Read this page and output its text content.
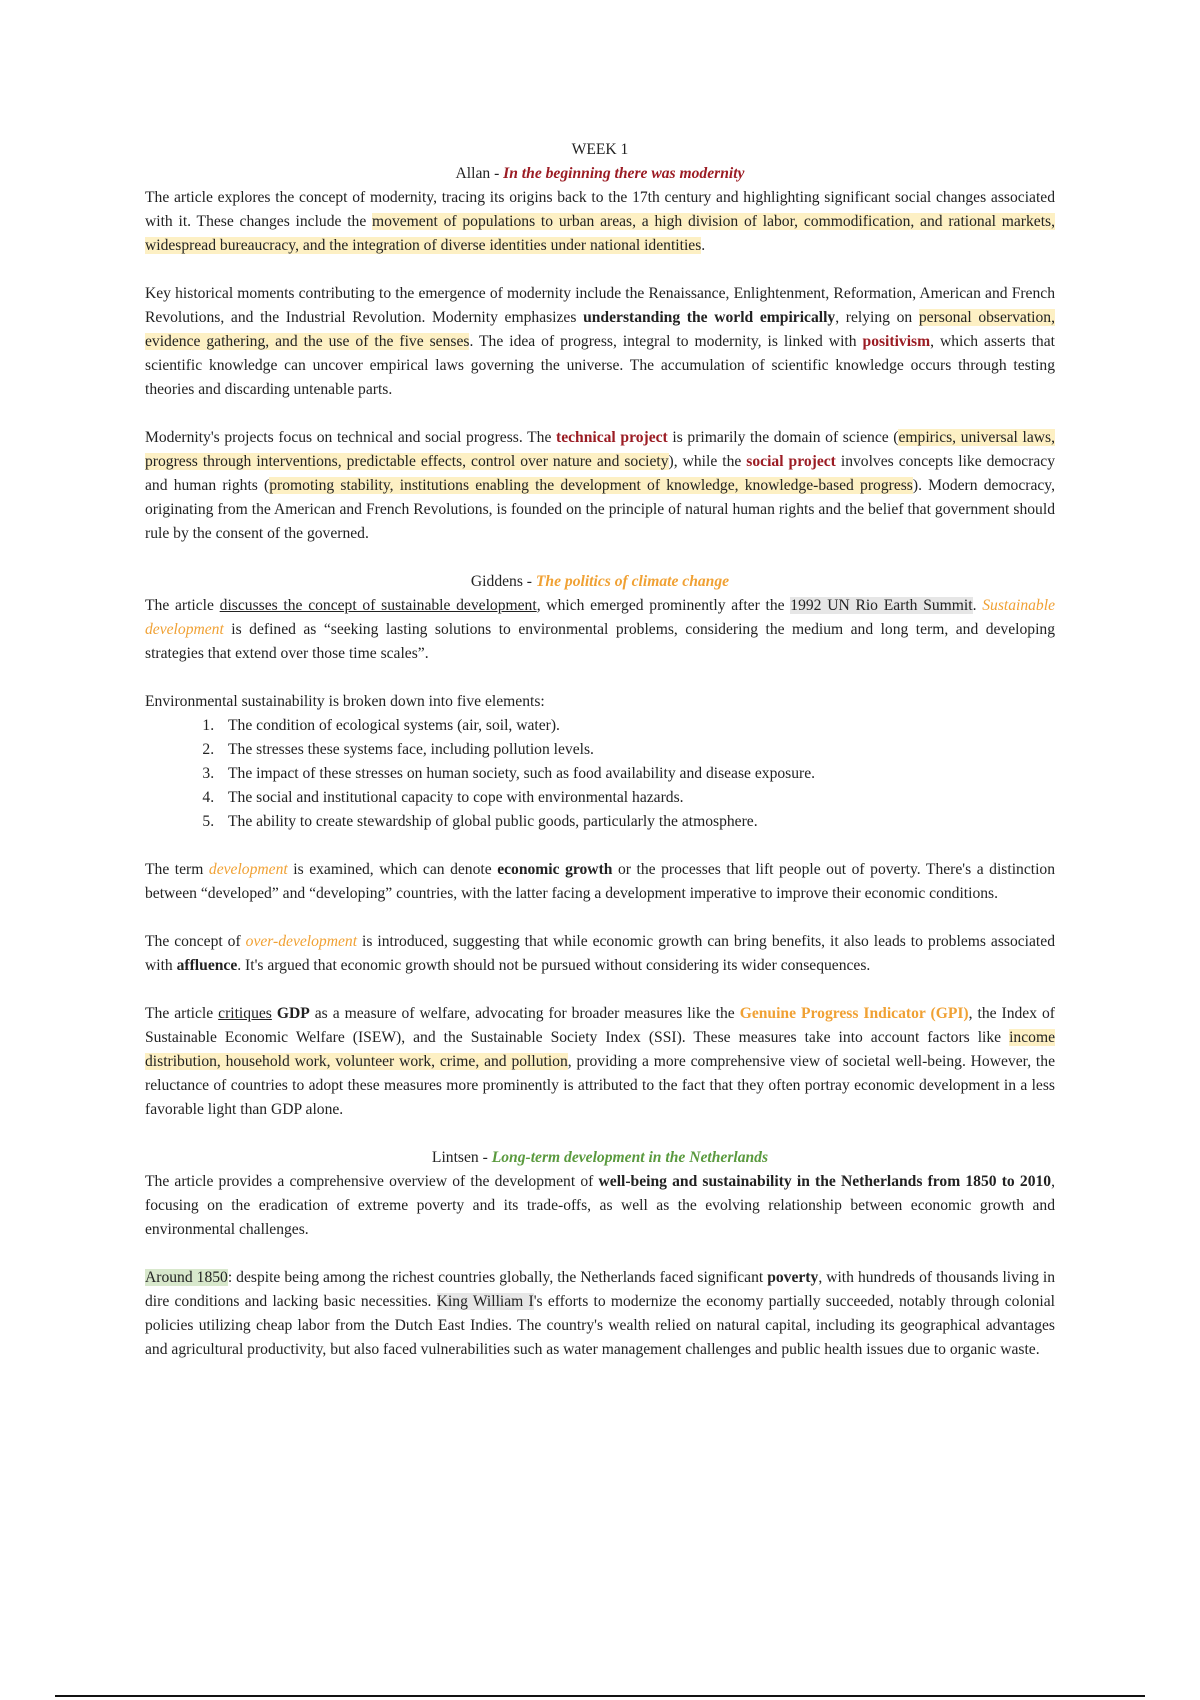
WEEK 1
Allan - In the beginning there was modernity

The article explores the concept of modernity, tracing its origins back to the 17th century and highlighting significant social changes associated with it. These changes include the movement of populations to urban areas, a high division of labor, commodification, and rational markets, widespread bureaucracy, and the integration of diverse identities under national identities.

Key historical moments contributing to the emergence of modernity include the Renaissance, Enlightenment, Reformation, American and French Revolutions, and the Industrial Revolution. Modernity emphasizes understanding the world empirically, relying on personal observation, evidence gathering, and the use of the five senses. The idea of progress, integral to modernity, is linked with positivism, which asserts that scientific knowledge can uncover empirical laws governing the universe. The accumulation of scientific knowledge occurs through testing theories and discarding untenable parts.

Modernity's projects focus on technical and social progress. The technical project is primarily the domain of science (empirics, universal laws, progress through interventions, predictable effects, control over nature and society), while the social project involves concepts like democracy and human rights (promoting stability, institutions enabling the development of knowledge, knowledge-based progress). Modern democracy, originating from the American and French Revolutions, is founded on the principle of natural human rights and the belief that government should rule by the consent of the governed.

Giddens - The politics of climate change

The article discusses the concept of sustainable development, which emerged prominently after the 1992 UN Rio Earth Summit. Sustainable development is defined as “seeking lasting solutions to environmental problems, considering the medium and long term, and developing strategies that extend over those time scales”.

Environmental sustainability is broken down into five elements:

1. The condition of ecological systems (air, soil, water).
2. The stresses these systems face, including pollution levels.
3. The impact of these stresses on human society, such as food availability and disease exposure.
4. The social and institutional capacity to cope with environmental hazards.
5. The ability to create stewardship of global public goods, particularly the atmosphere.

The term development is examined, which can denote economic growth or the processes that lift people out of poverty. There's a distinction between “developed” and “developing” countries, with the latter facing a development imperative to improve their economic conditions.

The concept of over-development is introduced, suggesting that while economic growth can bring benefits, it also leads to problems associated with affluence. It's argued that economic growth should not be pursued without considering its wider consequences.

The article critiques GDP as a measure of welfare, advocating for broader measures like the Genuine Progress Indicator (GPI), the Index of Sustainable Economic Welfare (ISEW), and the Sustainable Society Index (SSI). These measures take into account factors like income distribution, household work, volunteer work, crime, and pollution, providing a more comprehensive view of societal well-being. However, the reluctance of countries to adopt these measures more prominently is attributed to the fact that they often portray economic development in a less favorable light than GDP alone.

Lintsen - Long-term development in the Netherlands

The article provides a comprehensive overview of the development of well-being and sustainability in the Netherlands from 1850 to 2010, focusing on the eradication of extreme poverty and its trade-offs, as well as the evolving relationship between economic growth and environmental challenges.

Around 1850: despite being among the richest countries globally, the Netherlands faced significant poverty, with hundreds of thousands living in dire conditions and lacking basic necessities. King William I's efforts to modernize the economy partially succeeded, notably through colonial policies utilizing cheap labor from the Dutch East Indies. The country's wealth relied on natural capital, including its geographical advantages and agricultural productivity, but also faced vulnerabilities such as water management challenges and public health issues due to organic waste.
